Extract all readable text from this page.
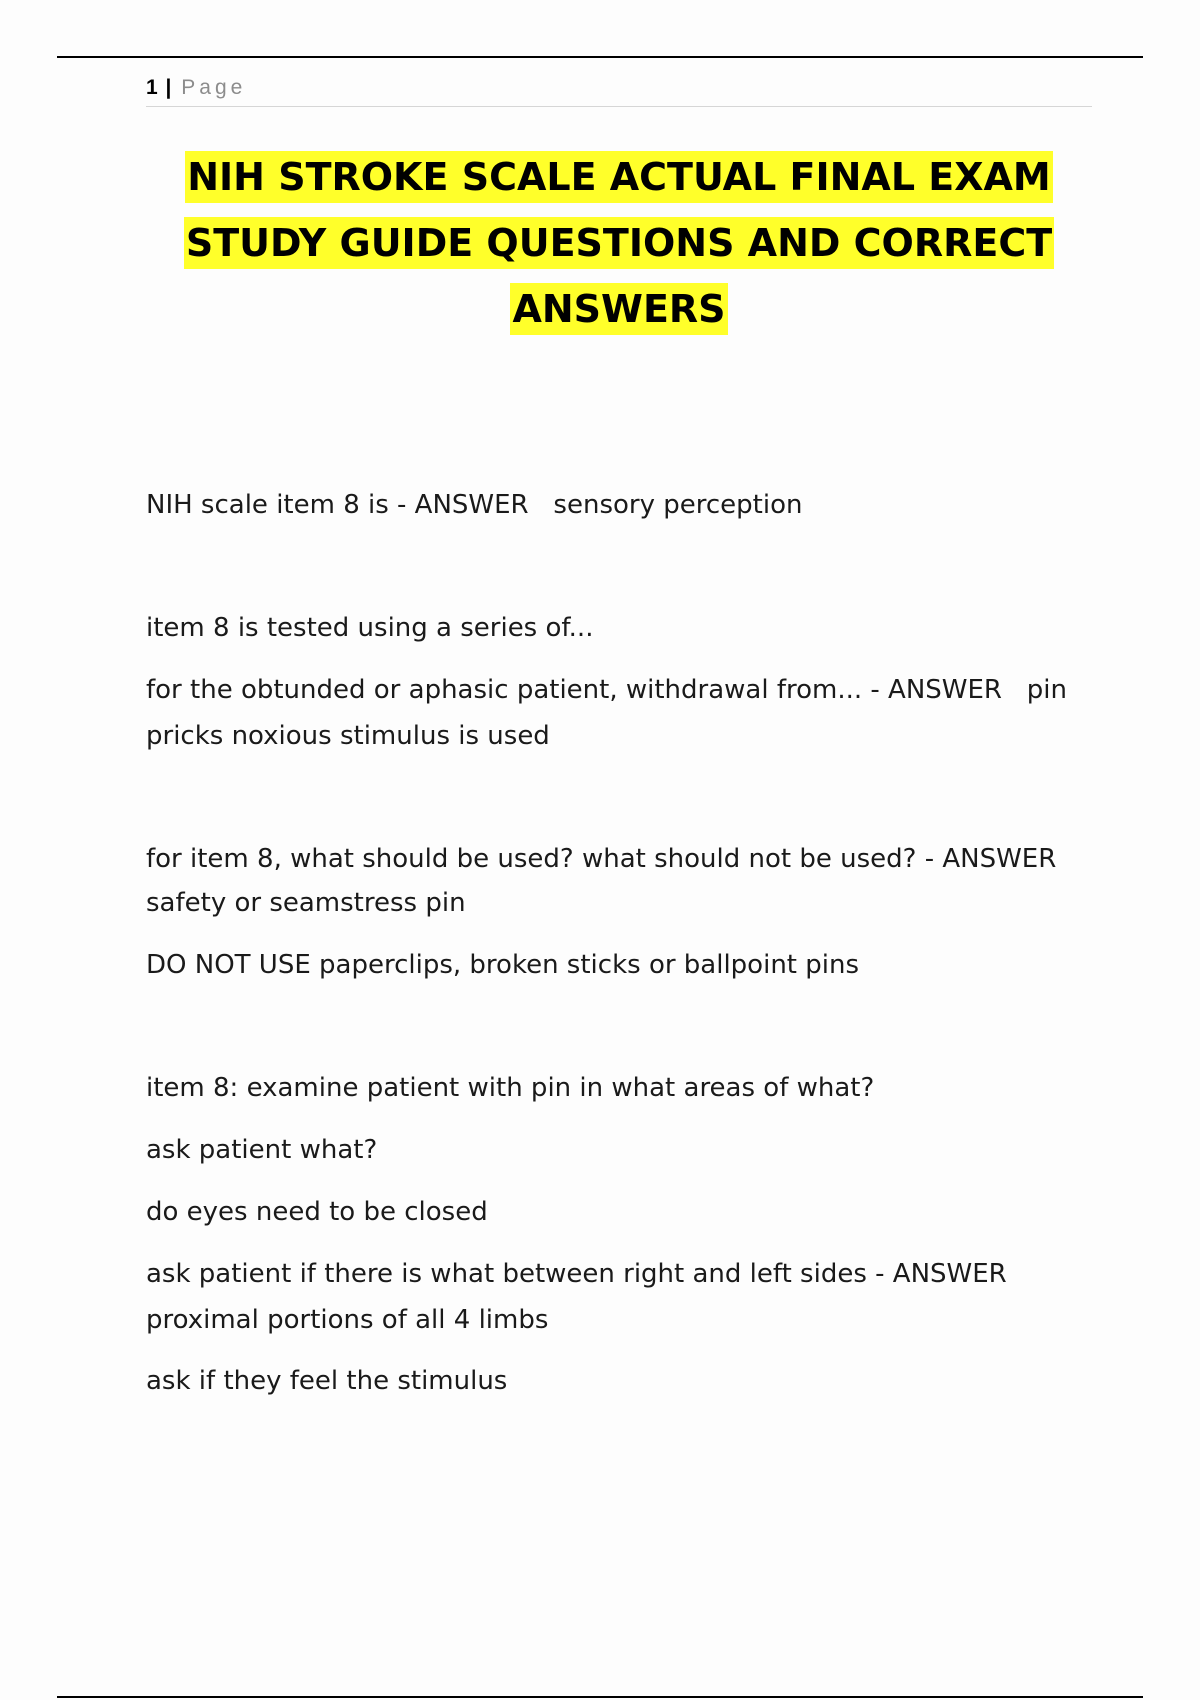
1 | Page
NIH STROKE SCALE ACTUAL FINAL EXAM STUDY GUIDE QUESTIONS AND CORRECT ANSWERS
NIH scale item 8 is - ANSWER   sensory perception
item 8 is tested using a series of...
for the obtunded or aphasic patient, withdrawal from... - ANSWER   pin
pricks noxious stimulus is used
for item 8, what should be used? what should not be used? - ANSWER
safety or seamstress pin
DO NOT USE paperclips, broken sticks or ballpoint pins
item 8: examine patient with pin in what areas of what?
ask patient what?
do eyes need to be closed
ask patient if there is what between right and left sides - ANSWER
proximal portions of all 4 limbs
ask if they feel the stimulus
